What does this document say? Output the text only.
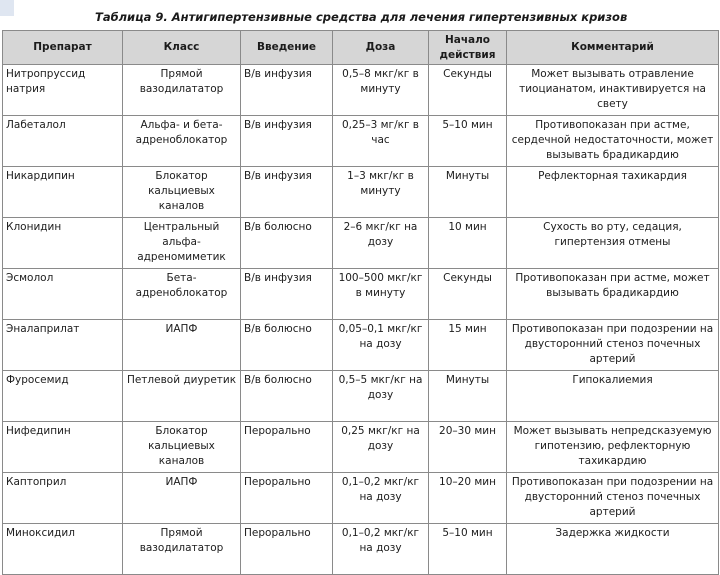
Таблица 9. Антигипертензивные средства для лечения гипертензивных кризов
Препарат	Класс	Введение	Доза	Начало действия	Комментарий
Нитропруссид натрия	Прямой вазодилататор	В/в инфузия	0,5–8 мкг/кг в минуту	Секунды	Может вызывать отравление тиоцианатом, инактивируется на свету
Лабеталол	Альфа- и бета-адреноблокатор	В/в инфузия	0,25–3 мг/кг в час	5–10 мин	Противопоказан при астме, сердечной недостаточности, может вызывать брадикардию
Никардипин	Блокатор кальциевых каналов	В/в инфузия	1–3 мкг/кг в минуту	Минуты	Рефлекторная тахикардия
Клонидин	Центральный альфа-адреномиметик	В/в болюсно	2–6 мкг/кг на дозу	10 мин	Сухость во рту, седация, гипертензия отмены
Эсмолол	Бета-адреноблокатор	В/в инфузия	100–500 мкг/кг в минуту	Секунды	Противопоказан при астме, может вызывать брадикардию
Эналаприлат	ИАПФ	В/в болюсно	0,05–0,1 мкг/кг на дозу	15 мин	Противопоказан при подозрении на двусторонний стеноз почечных артерий
Фуросемид	Петлевой диуретик	В/в болюсно	0,5–5 мкг/кг на дозу	Минуты	Гипокалиемия
Нифедипин	Блокатор кальциевых каналов	Перорально	0,25 мкг/кг на дозу	20–30 мин	Может вызывать непредсказуемую гипотензию, рефлекторную тахикардию
Каптоприл	ИАПФ	Перорально	0,1–0,2 мкг/кг на дозу	10–20 мин	Противопоказан при подозрении на двусторонний стеноз почечных артерий
Миноксидил	Прямой вазодилататор	Перорально	0,1–0,2 мкг/кг на дозу	5–10 мин	Задержка жидкости
